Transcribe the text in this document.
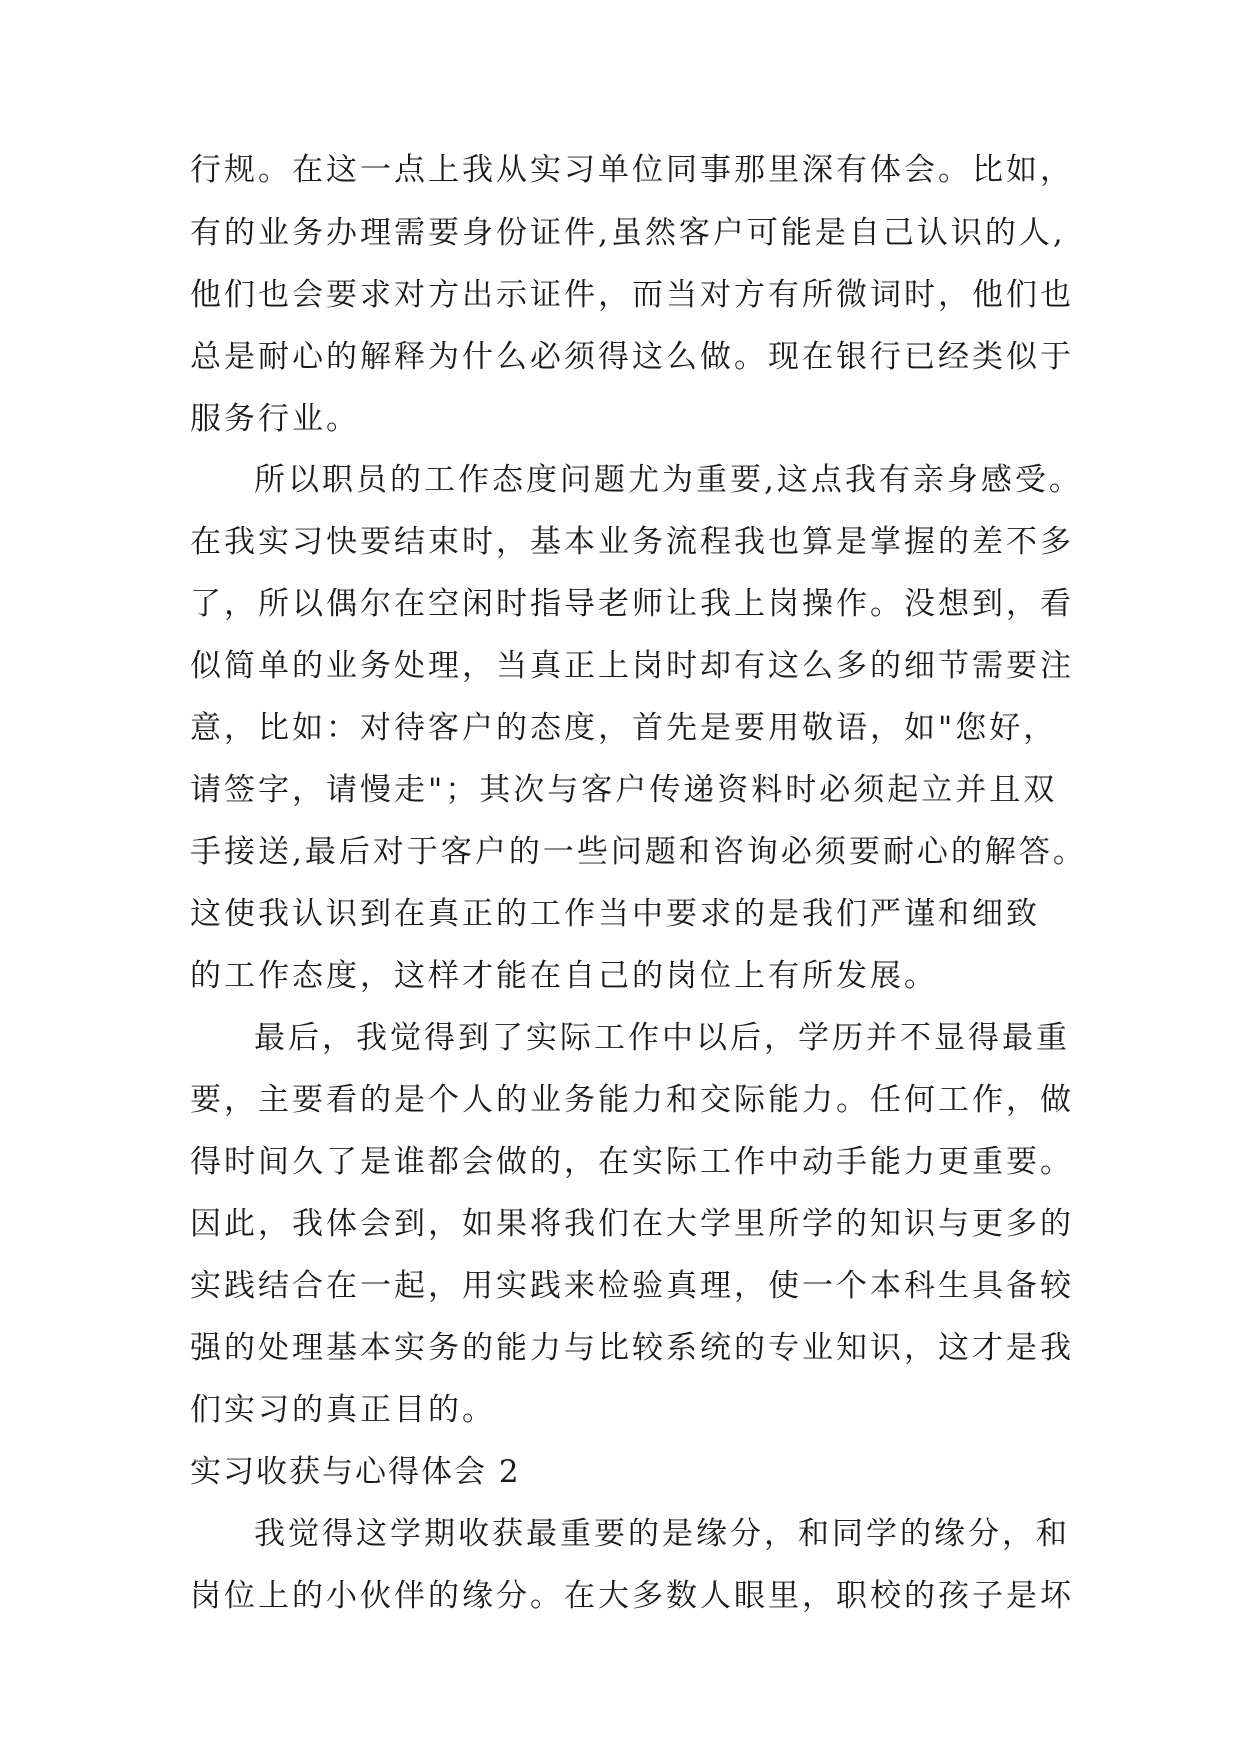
行规。在这一点上我从实习单位同事那里深有体会。比如，
有的业务办理需要身份证件,虽然客户可能是自己认识的人,
他们也会要求对方出示证件，而当对方有所微词时，他们也
总是耐心的解释为什么必须得这么做。现在银行已经类似于
服务行业。
所以职员的工作态度问题尤为重要,这点我有亲身感受。
在我实习快要结束时，基本业务流程我也算是掌握的差不多
了，所以偶尔在空闲时指导老师让我上岗操作。没想到，看
似简单的业务处理，当真正上岗时却有这么多的细节需要注
意，比如：对待客户的态度，首先是要用敬语，如"您好，
请签字，请慢走"；其次与客户传递资料时必须起立并且双
手接送,最后对于客户的一些问题和咨询必须要耐心的解答。
这使我认识到在真正的工作当中要求的是我们严谨和细致
的工作态度，这样才能在自己的岗位上有所发展。
最后，我觉得到了实际工作中以后，学历并不显得最重
要，主要看的是个人的业务能力和交际能力。任何工作，做
得时间久了是谁都会做的，在实际工作中动手能力更重要。
因此，我体会到，如果将我们在大学里所学的知识与更多的
实践结合在一起，用实践来检验真理，使一个本科生具备较
强的处理基本实务的能力与比较系统的专业知识，这才是我
们实习的真正目的。
实习收获与心得体会 2
我觉得这学期收获最重要的是缘分，和同学的缘分，和
岗位上的小伙伴的缘分。在大多数人眼里，职校的孩子是坏
